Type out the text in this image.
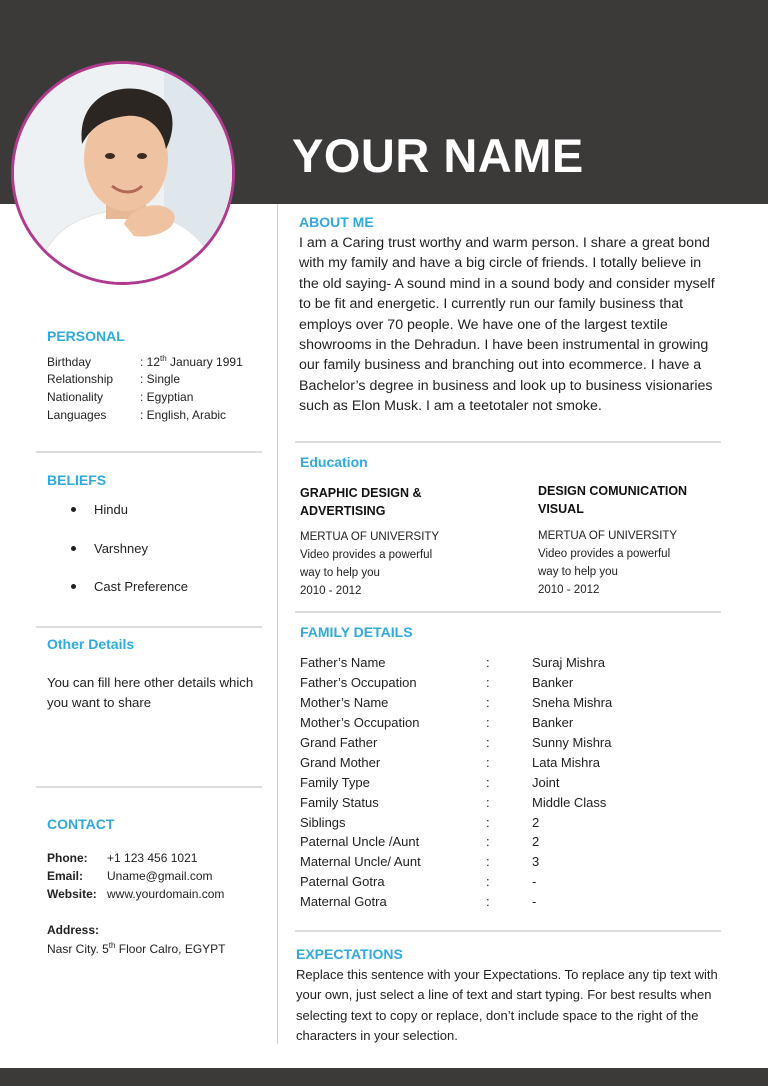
YOUR NAME
PERSONAL
Birthday	: 12th January 1991
Relationship : Single
Nationality	: Egyptian
Languages	: English, Arabic
BELIEFS
Hindu
Varshney
Cast Preference
Other Details
You can fill here other details which you want to share
CONTACT
Phone: +1 123 456 1021
Email: Uname@gmail.com
Website: www.yourdomain.com
Address:
Nasr City. 5th Floor Calro, EGYPT
ABOUT ME
I am a Caring trust worthy and warm person. I share a great bond with my family and have a big circle of friends. I totally believe in the old saying- A sound mind in a sound body and consider myself to be fit and energetic. I currently run our family business that employs over 70 people. We have one of the largest textile showrooms in the Dehradun. I have been instrumental in growing our family business and branching out into ecommerce. I have a Bachelor’s degree in business and look up to business visionaries such as Elon Musk. I am a teetotaler not smoke.
Education
GRAPHIC DESIGN &
ADVERTISING
MERTUA OF UNIVERSITY
Video provides a powerful
way to help you
2010 - 2012
DESIGN COMUNICATION
VISUAL
MERTUA OF UNIVERSITY
Video provides a powerful
way to help you
2010 - 2012
FAMILY DETAILS
Father’s Name	:	Suraj Mishra
Father’s Occupation	:	Banker
Mother’s Name	:	Sneha Mishra
Mother’s Occupation	:	Banker
Grand Father	:	Sunny Mishra
Grand Mother	:	Lata Mishra
Family Type	:	Joint
Family Status	:	Middle Class
Siblings	:	2
Paternal Uncle /Aunt	:	2
Maternal Uncle/ Aunt	:	3
Paternal Gotra	:	-
Maternal Gotra	:	-
EXPECTATIONS
Replace this sentence with your Expectations. To replace any tip text with your own, just select a line of text and start typing. For best results when selecting text to copy or replace, don’t include space to the right of the characters in your selection.
